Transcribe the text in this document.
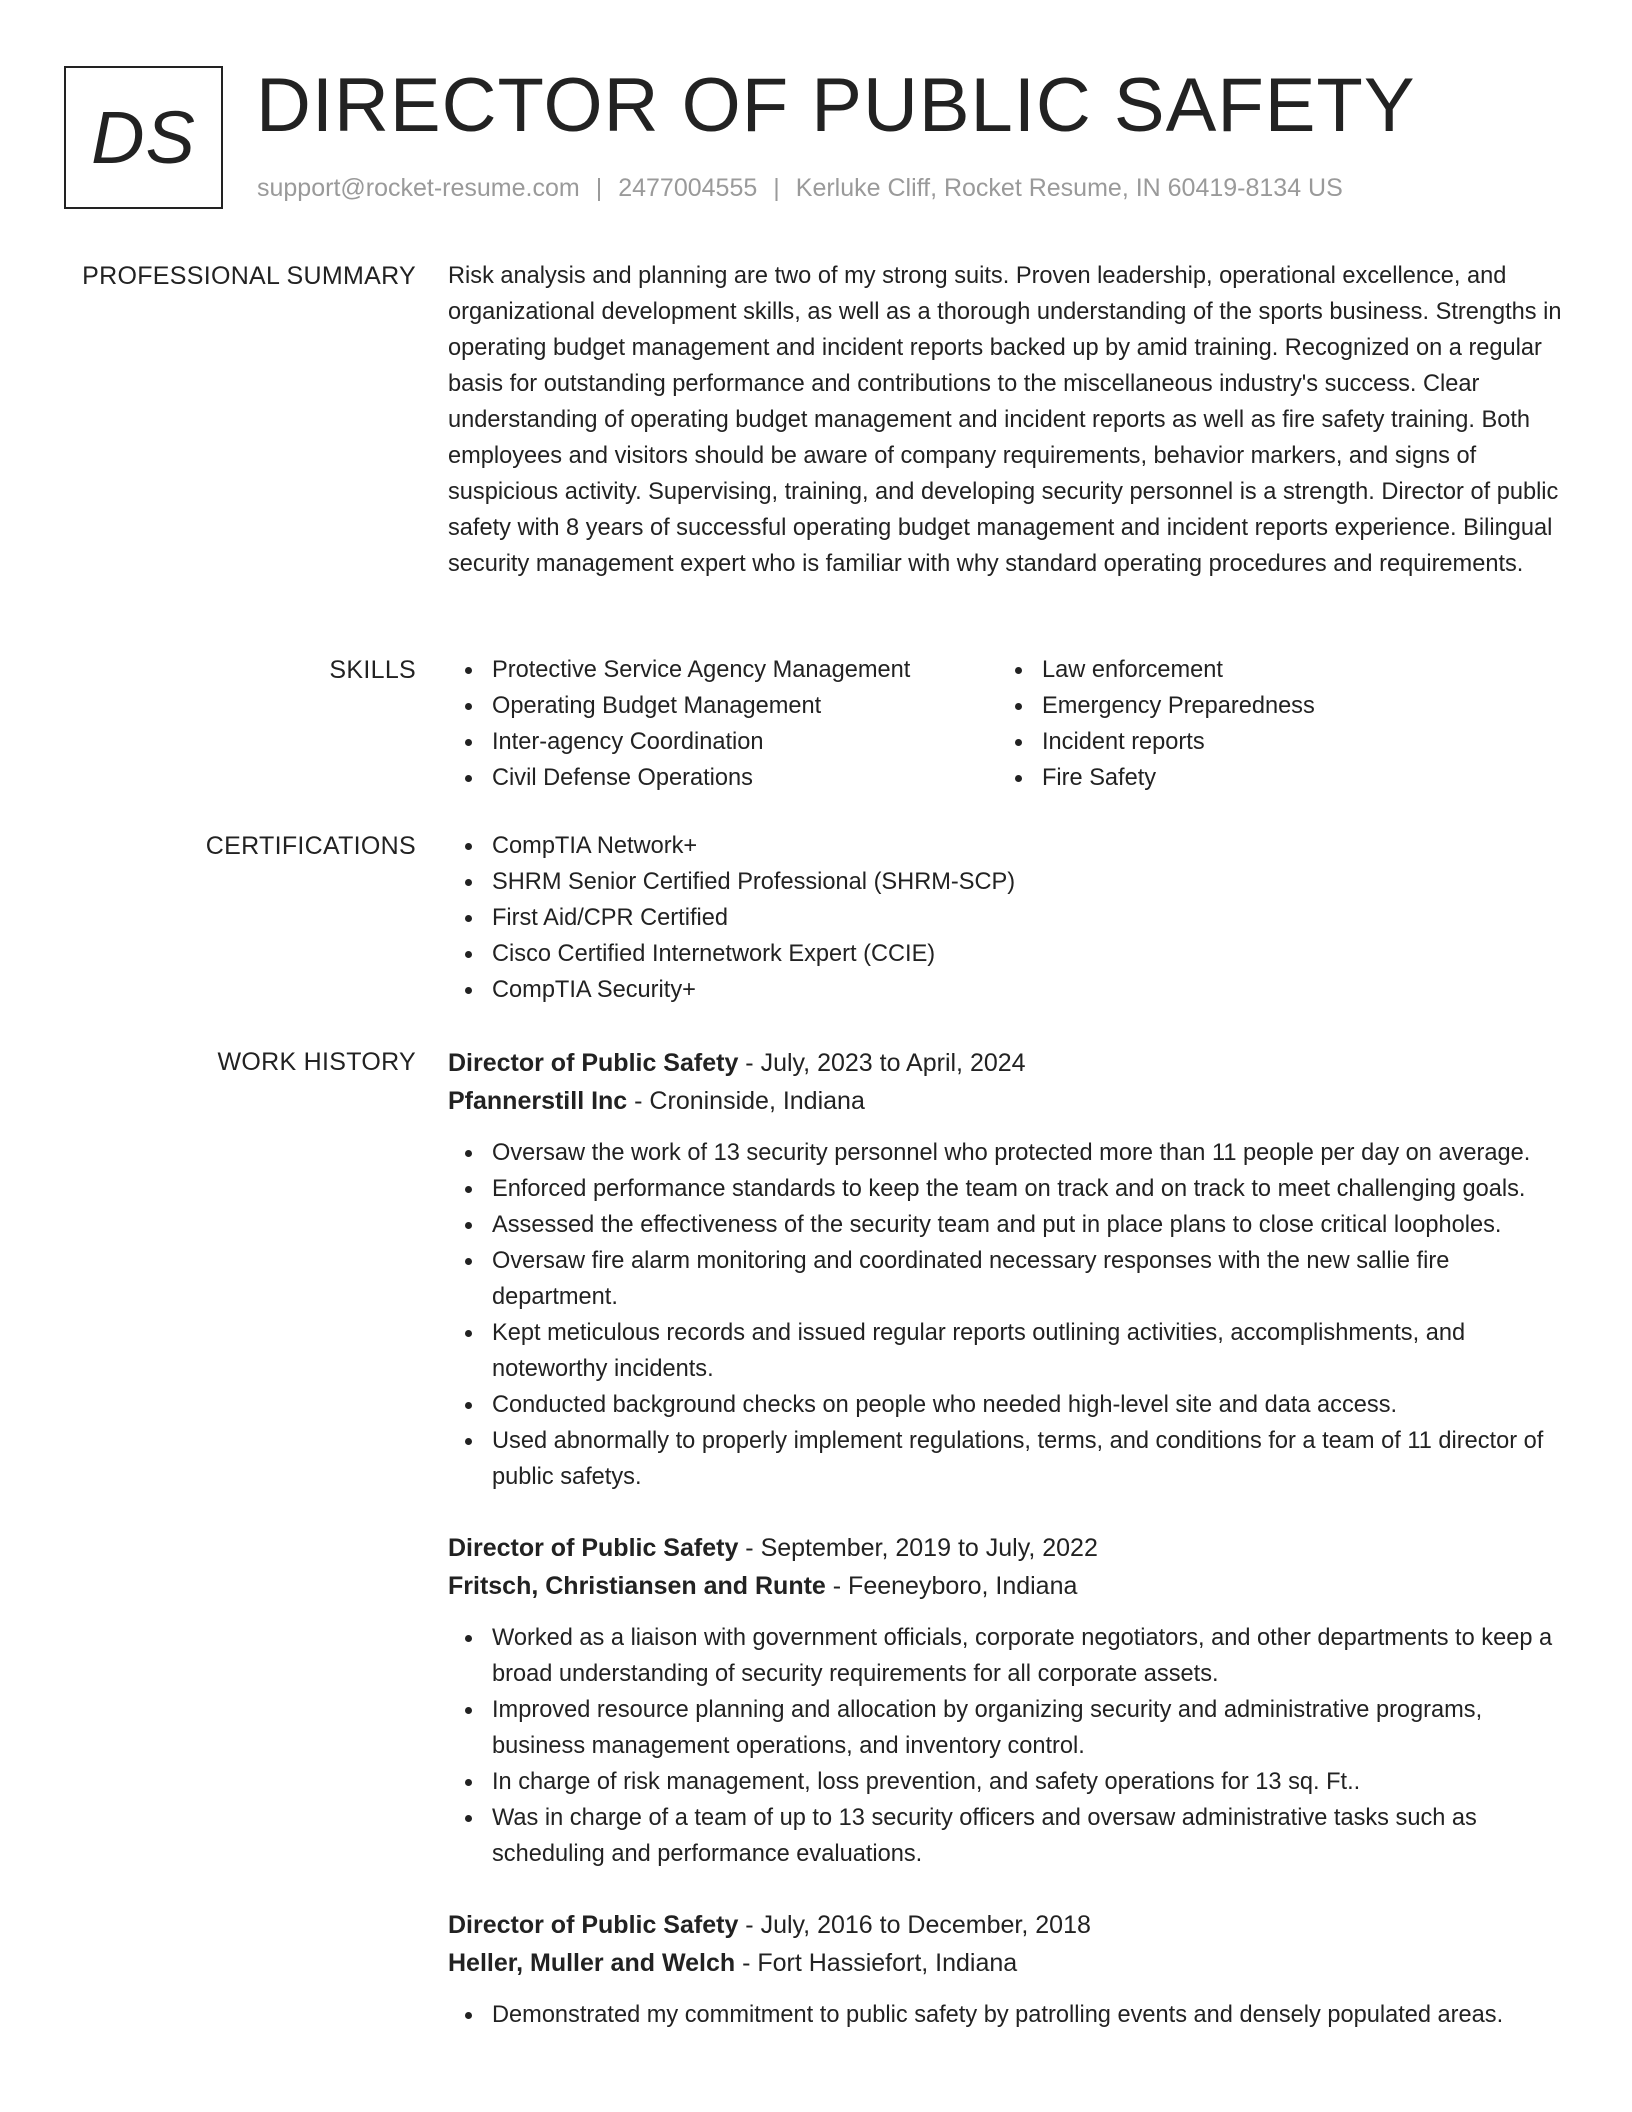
DS DIRECTOR OF PUBLIC SAFETY
support@rocket-resume.com | 2477004555 | Kerluke Cliff, Rocket Resume, IN 60419-8134 US
PROFESSIONAL SUMMARY Risk analysis and planning are two of my strong suits. Proven leadership, operational excellence, and organizational development skills, as well as a thorough understanding of the sports business. Strengths in operating budget management and incident reports backed up by amid training. Recognized on a regular basis for outstanding performance and contributions to the miscellaneous industry's success. Clear understanding of operating budget management and incident reports as well as fire safety training. Both employees and visitors should be aware of company requirements, behavior markers, and signs of suspicious activity. Supervising, training, and developing security personnel is a strength. Director of public safety with 8 years of successful operating budget management and incident reports experience. Bilingual security management expert who is familiar with why standard operating procedures and requirements.
SKILLS	Protective Service Agency Management
Operating Budget Management
Inter-agency Coordination
Civil Defense Operations
Law enforcement
Emergency Preparedness
Incident reports
Fire Safety
CERTIFICATIONS	CompTIA Network+
SHRM Senior Certified Professional (SHRM-SCP)
First Aid/CPR Certified
Cisco Certified Internetwork Expert (CCIE)
CompTIA Security+
WORK HISTORY Director of Public Safety - July, 2023 to April, 2024
Pfannerstill Inc - Croninside, Indiana
Oversaw the work of 13 security personnel who protected more than 11 people per day on average.
Enforced performance standards to keep the team on track and on track to meet challenging goals.
Assessed the effectiveness of the security team and put in place plans to close critical loopholes.
Oversaw fire alarm monitoring and coordinated necessary responses with the new sallie fire department.
Kept meticulous records and issued regular reports outlining activities, accomplishments, and noteworthy incidents.
Conducted background checks on people who needed high-level site and data access.
Used abnormally to properly implement regulations, terms, and conditions for a team of 11 director of public safetys.
Director of Public Safety - September, 2019 to July, 2022
Fritsch, Christiansen and Runte - Feeneyboro, Indiana
Worked as a liaison with government officials, corporate negotiators, and other departments to keep a broad understanding of security requirements for all corporate assets.
Improved resource planning and allocation by organizing security and administrative programs, business management operations, and inventory control.
In charge of risk management, loss prevention, and safety operations for 13 sq. Ft..
Was in charge of a team of up to 13 security officers and oversaw administrative tasks such as scheduling and performance evaluations.
Director of Public Safety - July, 2016 to December, 2018
Heller, Muller and Welch - Fort Hassiefort, Indiana
Demonstrated my commitment to public safety by patrolling events and densely populated areas.
